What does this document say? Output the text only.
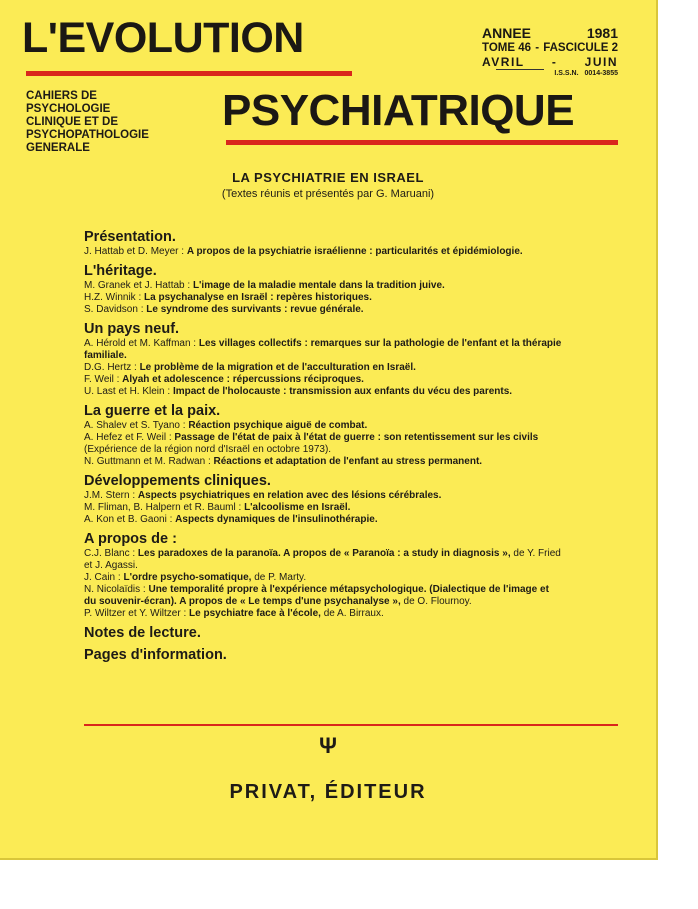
L'EVOLUTION	ANNEE	1981
TOME 46 - FASCICULE 2
AVRIL - JUIN
I.S.S.N. 0014-3855
CAHIERS DE
PSYCHOLOGIE
CLINIQUE ET DE
PSYCHOPATHOLOGIE
GENERALE
PSYCHIATRIQUE
LA PSYCHIATRIE EN ISRAEL
(Textes réunis et présentés par G. Maruani)
Présentation.
J. Hattab et D. Meyer : A propos de la psychiatrie israélienne : particularités et épidémiologie.
L'héritage.
M. Granek et J. Hattab : L'image de la maladie mentale dans la tradition juive.
H.Z. Winnik : La psychanalyse en Israël : repères historiques.
S. Davidson : Le syndrome des survivants : revue générale.
Un pays neuf.
A. Hérold et M. Kaffman : Les villages collectifs : remarques sur la pathologie de l'enfant et la thérapie familiale.
D.G. Hertz : Le problème de la migration et de l'acculturation en Israël.
F. Weil : Alyah et adolescence : répercussions réciproques.
U. Last et H. Klein : Impact de l'holocauste : transmission aux enfants du vécu des parents.
La guerre et la paix.
A. Shalev et S. Tyano : Réaction psychique aiguë de combat.
A. Hefez et F. Weil : Passage de l'état de paix à l'état de guerre : son retentissement sur les civils (Expérience de la région nord d'Israël en octobre 1973).
N. Guttmann et M. Radwan : Réactions et adaptation de l'enfant au stress permanent.
Développements cliniques.
J.M. Stern : Aspects psychiatriques en relation avec des lésions cérébrales.
M. Fliman, B. Halpern et R. Bauml : L'alcoolisme en Israël.
A. Kon et B. Gaoni : Aspects dynamiques de l'insulinothérapie.
A propos de :
C.J. Blanc : Les paradoxes de la paranoïa. A propos de « Paranoïa : a study in diagnosis », de Y. Fried et J. Agassi.
J. Cain : L'ordre psycho-somatique, de P. Marty.
N. Nicolaïdis : Une temporalité propre à l'expérience métapsychologique. (Dialectique de l'image et du souvenir-écran). A propos de « Le temps d'une psychanalyse », de O. Flournoy.
P. Wiltzer et Y. Wiltzer : Le psychiatre face à l'école, de A. Birraux.
Notes de lecture.
Pages d'information.
Ψ
PRIVAT, ÉDITEUR
